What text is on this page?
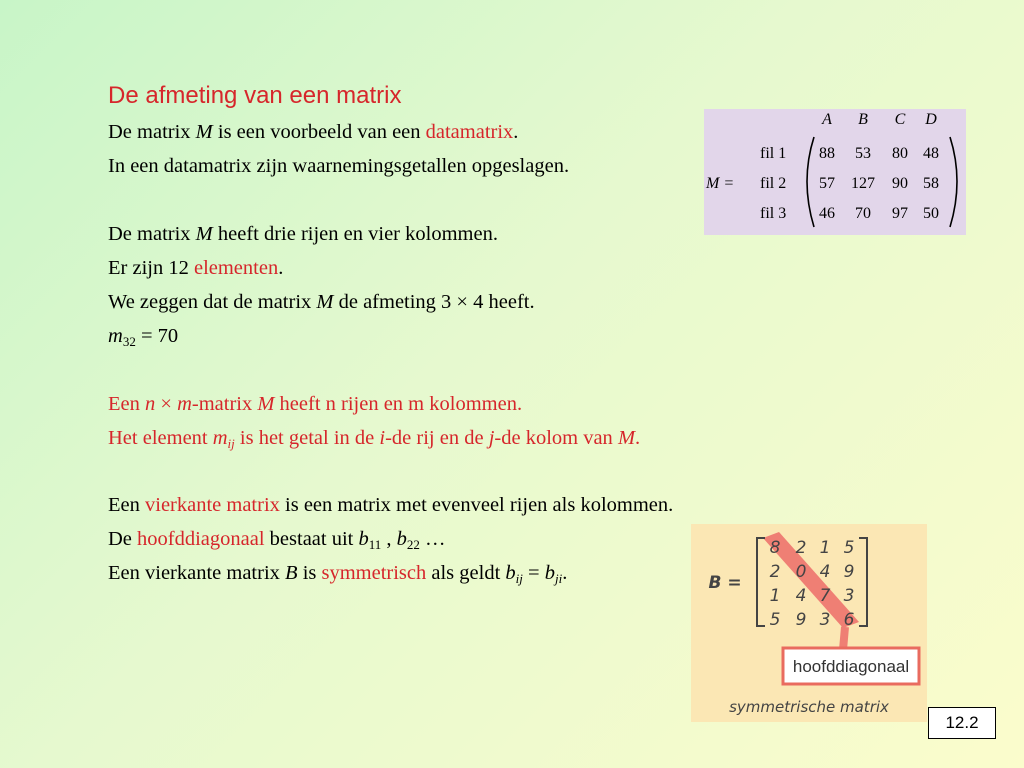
De afmeting van een matrix
De matrix M is een voorbeeld van een datamatrix.
In een datamatrix zijn waarnemingsgetallen opgeslagen.
De matrix M heeft drie rijen en vier kolommen.
Er zijn 12 elementen.
We zeggen dat de matrix M de afmeting 3 × 4 heeft.
$m_{32} = 70$
Een n × m-matrix M heeft n rijen en m kolommen.
Het element $m_{ij}$ is het getal in de i-de rij en de j-de kolom van M.
Een vierkante matrix is een matrix met evenveel rijen als kolommen.
De hoofddiagonaal bestaat uit $b_{11}$ , $b_{22}$ …
Een vierkante matrix B is symmetrisch als geldt $b_{ij} = b_{ji}$.
M =
A B C D
fil 1
fil 2
fil 3
88 53 80 48
57 127 90 58
46 70 97 50
B =
8 2 1 5
2 0 4 9
1 4 7 3
5 9 3 6
hoofddiagonaal
symmetrische matrix
12.2
